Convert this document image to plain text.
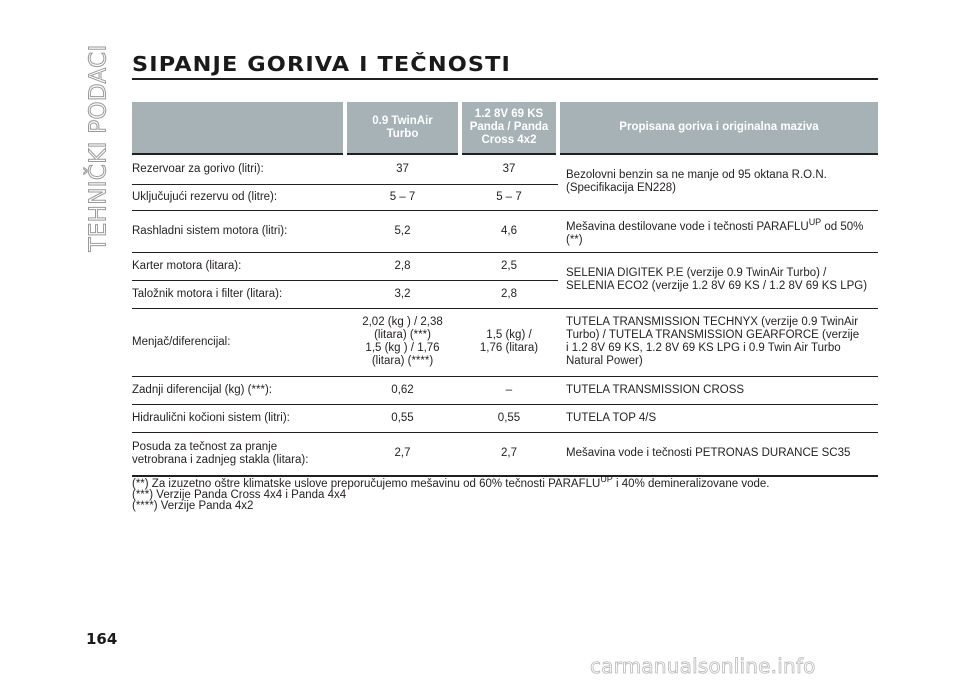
TEHNIČKI PODACI SIPANJE GORIVA I TEČNOSTI

	0.9 TwinAir
Turbo	1.2 8V 69 KS
Panda / Panda
Cross 4x2	Propisana goriva i originalna maziva
Rezervoar za gorivo (litri):	37	37	Bezolovni benzin sa ne manje od 95 oktana R.O.N.
(Specifikacija EN228)
Uključujući rezervu od (litre):	5 – 7	5 – 7	
Rashladni sistem motora (litri):	5,2	4,6	Mešavina destilovane vode i tečnosti $PARAFLU^{UP}$ od 50%
(**)
Karter motora (litara):	2,8	2,5	SELENIA DIGITEK P.E (verzije 0.9 TwinAir Turbo) /
SELENIA ECO2 (verzije 1.2 8V 69 KS / 1.2 8V 69 KS LPG)
Taložnik motora i filter (litara):	3,2	2,8	
Menjač/diferencijal:	2,02 (kg ) / 2,38
(litara) (***)
1,5 (kg ) / 1,76
(litara) (****)	1,5 (kg) /
1,76 (litara)	TUTELA TRANSMISSION TECHNYX (verzije 0.9 TwinAir
Turbo) / TUTELA TRANSMISSION GEARFORCE (verzije
i 1.2 8V 69 KS, 1.2 8V 69 KS LPG i 0.9 Twin Air Turbo
Natural Power)
Zadnji diferencijal (kg) (***):	0,62	–	TUTELA TRANSMISSION CROSS
Hidraulični kočioni sistem (litri):	0,55	0,55	TUTELA TOP 4/S
Posuda za tečnost za pranje
vetrobrana i zadnjeg stakla (litara):	2,7	2,7	Mešavina vode i tečnosti PETRONAS DURANCE SC35
(**) Za izuzetno oštre klimatske uslove preporučujemo mešavinu od 60% tečnosti $PARAFLU^{UP}$ i 40% demineralizovane vode.
(***) Verzije Panda Cross 4x4 i Panda 4x4
(****) Verzije Panda 4x2
164
carmanualsonline.info
